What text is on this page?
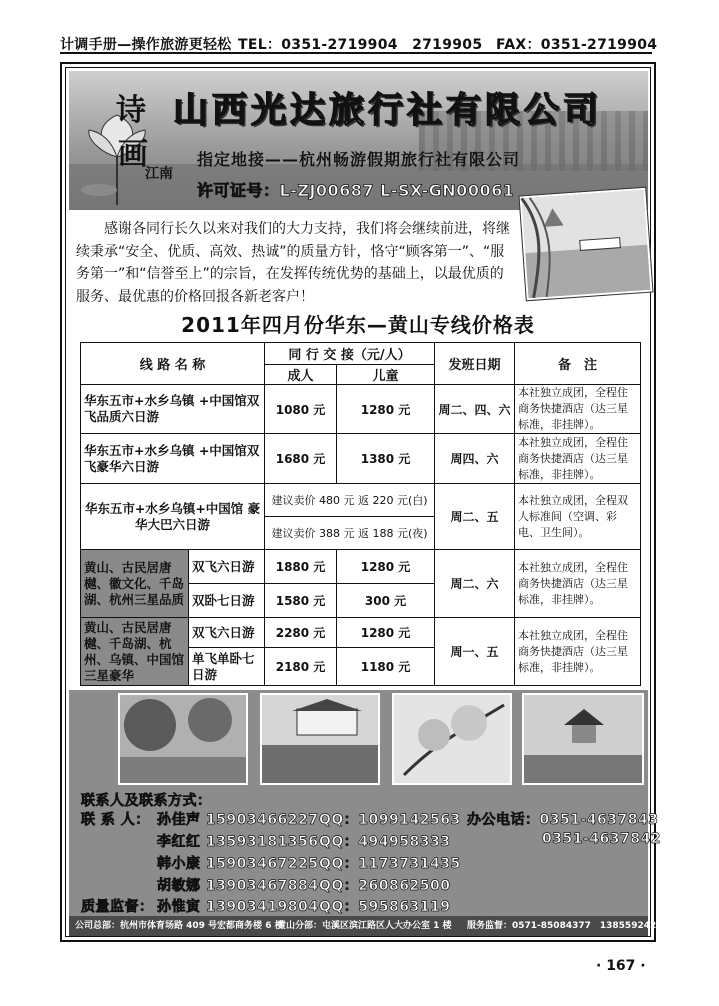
计调手册—操作旅游更轻松 TEL：0351-2719904　2719905 FAX：0351-2719904
诗
画
江南
山西光达旅行社有限公司
指定地接——杭州畅游假期旅行社有限公司
许可证号：L-ZJ00687 L-SX-GN00061
感谢各同行长久以来对我们的大力支持，我们将会继续前进，将继续秉承“安全、优质、高效、热诚”的质量方针，恪守“顾客第一”、“服务第一”和“信誉至上”的宗旨，在发挥传统优势的基础上，以最优质的服务、最优惠的价格回报各新老客户！
2011年四月份华东—黄山专线价格表
线 路 名 称		同 行 交 接（元/人）		发班日期	备　注
		成人	儿童		
华东五市+水乡乌镇 +中国馆双飞品质六日游		1080 元	1280 元	周二、四、六	本社独立成团，全程住商务快捷酒店（达三星标准，非挂牌）。
华东五市+水乡乌镇 +中国馆双飞豪华六日游		1680 元	1380 元	周四、六	本社独立成团，全程住商务快捷酒店（达三星标准，非挂牌）。
华东五市+水乡乌镇+中国馆 豪华大巴六日游		建议卖价 480 元 返 220 元(白)		周二、五	本社独立成团，全程双人标准间（空调、彩电、卫生间）。
		建议卖价 388 元 返 188 元(夜)			
黄山、古民居唐樾、徽文化、千岛湖、杭州三星品质	双飞六日游	1880 元	1280 元	周二、六	本社独立成团，全程住商务快捷酒店（达三星标准，非挂牌）。
	双卧七日游	1580 元	300 元		
黄山、古民居唐樾、千岛湖、杭州、乌镇、中国馆三星豪华	双飞六日游	2280 元	1280 元	周一、五	本社独立成团，全程住商务快捷酒店（达三星标准，非挂牌）。
	单飞单卧七日游	2180 元	1180 元		
联系人及联系方式：
联 系 人： 孙佳声 15903466227 QQ：1099142563 办公电话：0351-4637843
李红红 13593181356 QQ：494958333	0351-4637842
韩小康 15903467225 QQ：1173731435
胡敏娜 13903467884 QQ：260862500
质量监督： 孙惟寅 13903419804 QQ：595863119
公司总部：杭州市体育场路 409 号宏都商务楼 6 楼
黄山分部：屯溪区滨江路区人大办公室 1 楼 服务监督：0571-85084377　13855924258
· 167 ·
